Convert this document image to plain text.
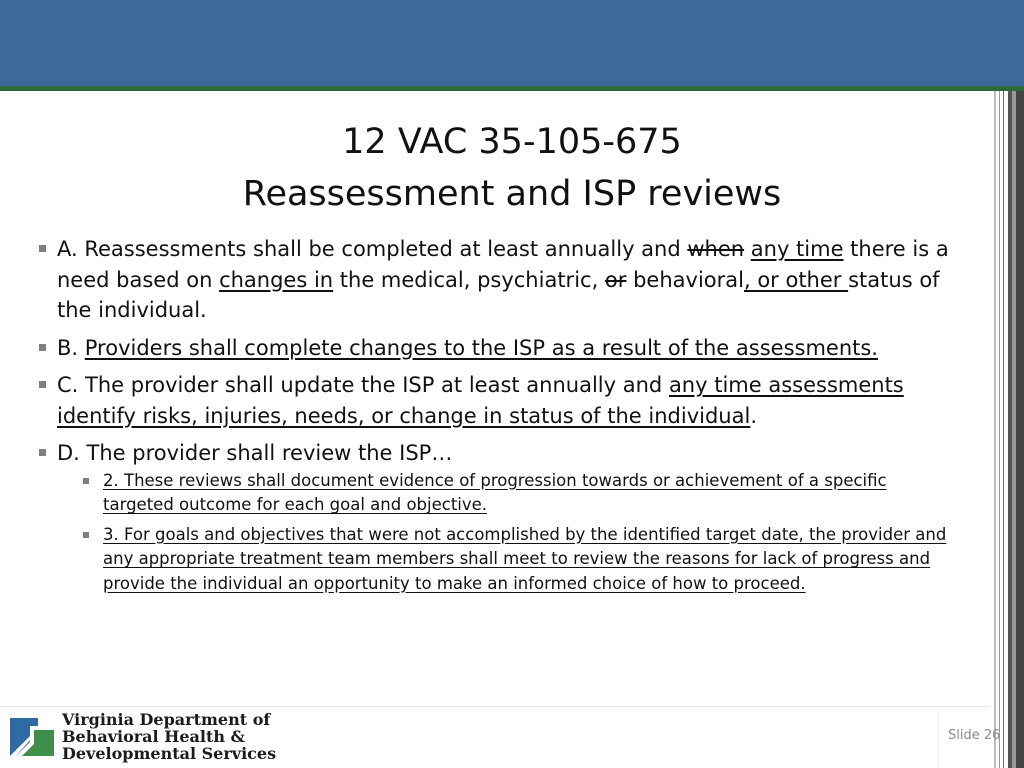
12 VAC 35-105-675
Reassessment and ISP reviews
A. Reassessments shall be completed at least annually and when any time there is a need based on changes in the medical, psychiatric, or behavioral, or other status of the individual.
B. Providers shall complete changes to the ISP as a result of the assessments.
C. The provider shall update the ISP at least annually and any time assessments identify risks, injuries, needs, or change in status of the individual.
D. The provider shall review the ISP…
2. These reviews shall document evidence of progression towards or achievement of a specific targeted outcome for each goal and objective.
3. For goals and objectives that were not accomplished by the identified target date, the provider and any appropriate treatment team members shall meet to review the reasons for lack of progress and provide the individual an opportunity to make an informed choice of how to proceed.
Virginia Department of
Behavioral Health &
Developmental Services
Slide 26
